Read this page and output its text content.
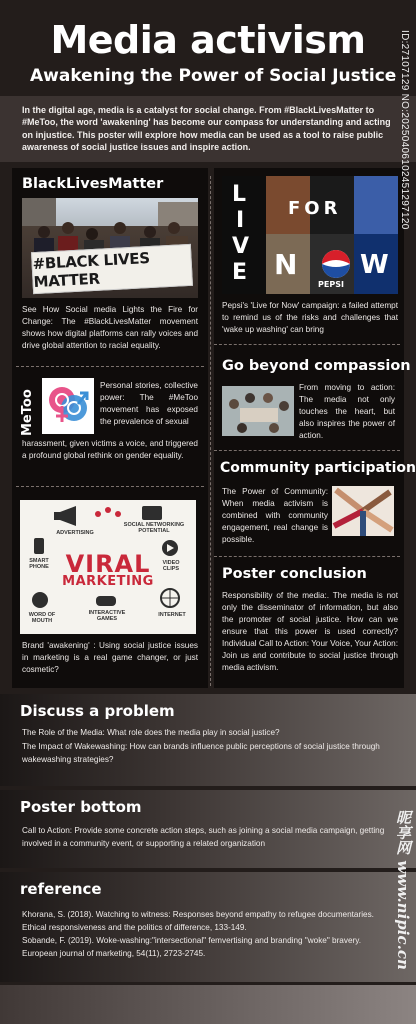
Media activism
Awakening the Power of Social Justice
In the digital age, media is a catalyst for social change. From #BlackLivesMatter to #MeToo, the word 'awakening' has become our compass for understanding and acting on injustice. This poster will explore how media can be used as a tool to raise public awareness of social justice issues and inspire action.
BlackLivesMatter
#BLACK LIVES MATTER
See How Social media Lights the Fire for Change: The #BlackLivesMatter movement shows how digital platforms can rally voices and drive global attention to racial equality.
MeToo
Personal stories, collective power: The #MeToo movement has exposed the prevalence of sexual
harassment, given victims a voice, and triggered a profound global rethink on gender equality.
ADVERTISING
SOCIAL NETWORKING POTENTIAL
SMART PHONE
VIDEO CLIPS
WORD OF MOUTH
INTERACTIVE GAMES
INTERNET
VIRAL
MARKETING
Brand 'awakening' : Using social justice issues in marketing is a real game changer, or just cosmetic?
L
I
V
E
FOR
N W
PEPSI
Pepsi's 'Live for Now' campaign: a failed attempt to remind us of the risks and challenges that 'wake up washing' can bring
Go beyond compassion
From moving to action: The media not only touches the heart, but also inspires the power of action.
Community participation
The Power of Community: When media activism is combined with community engagement, real change is possible.
Poster conclusion
Responsibility of the media:. The media is not only the disseminator of information, but also the promoter of social justice. How can we ensure that this power is used correctly? Individual Call to Action: Your Voice, Your Action: Join us and contribute to social justice through media activism.
Discuss a problem
The Role of the Media: What role does the media play in social justice?
The Impact of Wakewashing: How can brands influence public perceptions of social justice through wakewashing strategies?
Poster bottom
Call to Action: Provide some concrete action steps, such as joining a social media campaign, getting involved in a community event, or supporting a related organization
reference
Khorana, S. (2018). Watching to witness: Responses beyond empathy to refugee documentaries. Ethical responsiveness and the politics of difference, 133-149.
Sobande, F. (2019). Woke-washing:"intersectional" femvertising and branding "woke" bravery. European journal of marketing, 54(11), 2723-2745.
ID:27107129 NO:20250406102451297120
昵享网 www.nipic.cn
